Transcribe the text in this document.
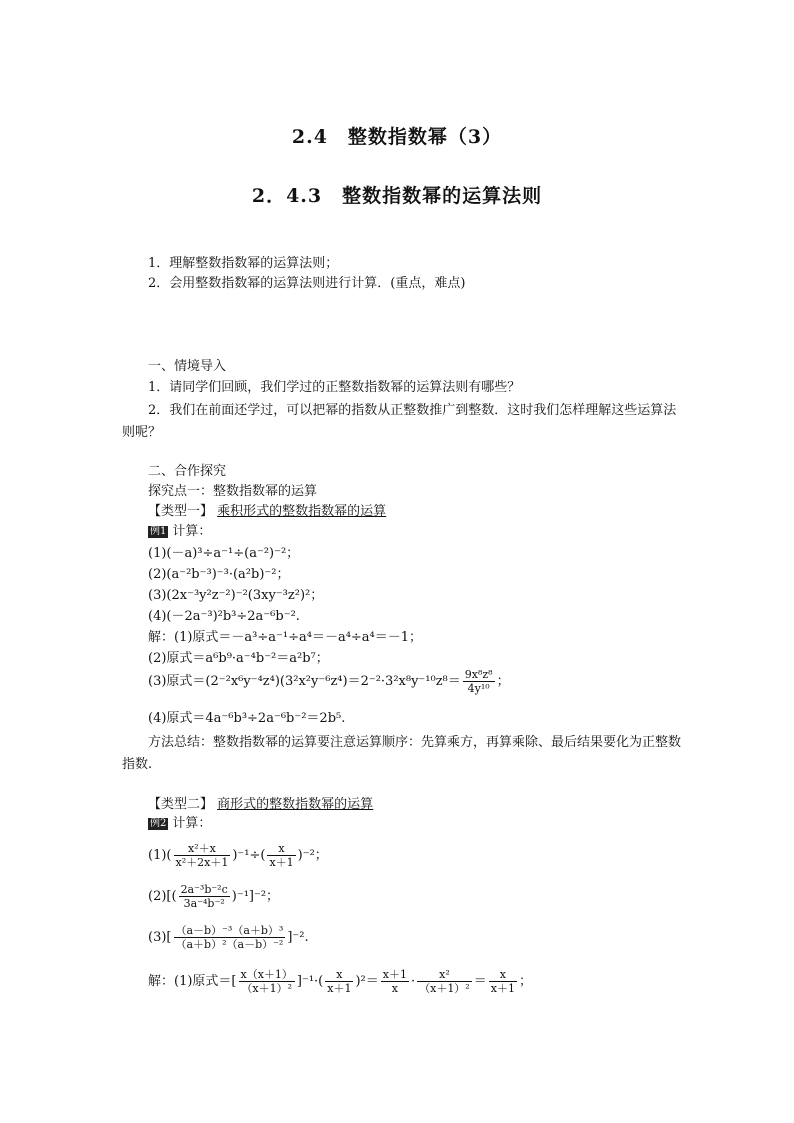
2.4　整数指数幂（3）
2．4.3　整数指数幂的运算法则
1．理解整数指数幂的运算法则；
2．会用整数指数幂的运算法则进行计算．(重点，难点)
一、情境导入
1．请同学们回顾，我们学过的正整数指数幂的运算法则有哪些？
2．我们在前面还学过，可以把幂的指数从正整数推广到整数．这时我们怎样理解这些运算法则呢？
二、合作探究
探究点一：整数指数幂的运算
【类型一】 乘积形式的整数指数幂的运算
例1 计算：
(1)(－a)³÷a⁻¹÷(a⁻²)⁻²；
(2)(a⁻²b⁻³)⁻³·(a²b)⁻²；
(3)(2x⁻³y²z⁻²)⁻²(3xy⁻³z²)²；
(4)(－2a⁻³)²b³÷2a⁻⁶b⁻².
解：(1)原式＝－a³÷a⁻¹÷a⁴＝－a⁴÷a⁴＝－1；
(2)原式＝a⁶b⁹·a⁻⁴b⁻²＝a²b⁷；
(3)原式$=(2^{-2}x^6y^{-4}z^4)(3^2x^2y^{-6}z^4)=2^{-2}\cdot 3^2x^8y^{-10}z^8= \frac{\text{9x⁸z⁸}}{\text{4y¹⁰}}$ ；
(4)原式＝4a⁻⁶b³÷2a⁻⁶b⁻²＝2b⁵.
方法总结：整数指数幂的运算要注意运算顺序：先算乘方，再算乘除、最后结果要化为正整数指数.
【类型二】 商形式的整数指数幂的运算
例2 计算：
$(1)( \frac{\text{x²＋x}}{\text{x²＋2x＋1}} )^{-1}\div( \frac{x}{x+1} )^{-2}$；
$(2)[( \frac{\text{2a⁻³b⁻²c}}{\text{3a⁻⁴b⁻²}} )^{-1}]^{-2}$；
$(3)[ \frac{\text{（a－b）⁻³（a＋b）³}}{\text{（a＋b）²（a－b）⁻²}} ]^{-2}$.
解：(1)原式＝[ $\frac{x(x+1)}{\text{（x＋1）²}} ]^{-1}\cdot( \frac{x}{x+1} )^2= \frac{x+1}{x} \cdot \frac{\text{x²}}{\text{（x＋1）²}} = \frac{x}{x+1}$ ；
